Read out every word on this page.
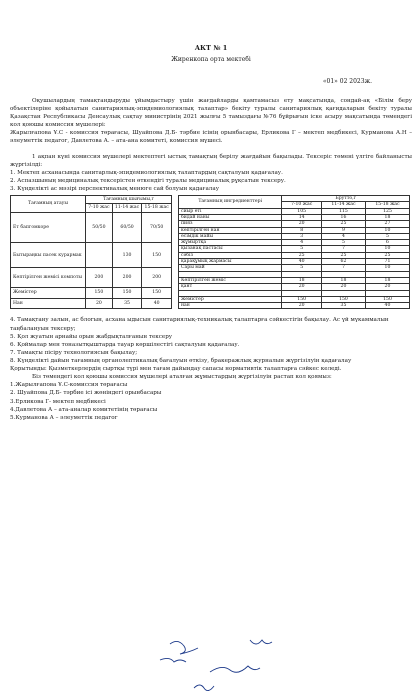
АКТ № 1
Жиренкопа орта мектебі
«01» 02 2023ж.

Оқушылардың тамақтандыруды ұйымдастыру үшін жағдайларды қамтамасыз ету мақсатында, сондай-ақ «Білім беру объектілеріне қойылатын санитариялық-эпидемиологиялық талаптар» бекіту туралы санитариялық қағидаларын бекіту туралы Қазақстан Республикасы Денсаулық сақтау министрінің 2021 жылғы 5 тамыздағы №76 бұйрығын іске асыру мақсатында төмендегі кол қоюшы комиссия мүшелері:

Жарылғапова Ұ.С - комиссия төрағасы, Шуайпова Д.Б- тәрбие ісінің орынбасары, Ерликова Г – мектеп медбикесі, Курманова А.Н – әлеуметтік педагог, Давлетова А. – ата-ана комитеті, комиссия мүшесі.

1 ақпан күні комиссия мүшелері мектептегі ыстық тамақтың берілу жағдайын бақылады. Тексеріс төмені үлгіге байланысты жүргізілді:

1. Мектеп асханасында санитарлық-эпидемиологиялық талаптардың сақталуын қадағалау.

2. Аспазшының медициналық тексерістен өткендігі туралы медициналық рұқсатын тексеру.

3. Күнделікті ас мәзірі перспективалық менюге сай болуын қадағалау

Тағамның атауы	Тағамның шығымы,г		
	7-10 жас	11-14 жас	15-18 жас
Ет бапгомкоре	50/50	60/50	70/50
Бытыраңкы пасек курармак		130	150
Көптірілген жемісі компоты	200	200	200
Жемістер	150	150	150
Нан	20	35	40
Тағамның ингредиенттері	Брутто,г		
	7-10 жас	11-14 жас	15-18 жас
сиыр еті	105	115	125
бидай наны	14	16	18
пияз	20	25	27
көптірілген нан	8	9	10
өсімдік майы	3	4	5
жұмыртқа	4	5	6
қызанақ пастасы	5	7	10
сәбіз	25	25	25
қарақұмық жармасы	40	62	71
Сары май	5	7	10

Көптірілген жеміс	18	18	18
қант	20	20	20

жемістер	150	150	150
нан	20	35	40

4. Тамақтану залын, ас блогын, асхана ыдысын санитариялық-техникалық талаптарға сәйкестігін бақылау. Ас үй мүкаммалын таңбалануын тексеру;

5. Қол жуатын арнайы орын жабдықталғанын тексеру

6. Қоймалар мен тоназытқыштарда тауар көршілестігі сақталуын қадағалау.

7. Тамақты пісіру технологиясын бақылау;

8. Күнделікті дайын тағамның органолептикалық бағалуын өткізу, бракеражлық журналын жүргізілуін қадағалау

Қорытынды: Қызметкерлердің сыртқы түрі мен тағам дайындау сапасы нормативтік талаптарға сәйкес келеді.

Біз төмендегі кол қоюшы комиссия мүшелері аталған жұмыстардың жүргізілуін растап кол қоямыз:

1.Жарылғапова Ұ.С-комиссия төрағасы

2. Шуайпова Д.Б- тәрбие ісі жөніндегі орынбасары

3.Ерликова Г- мектеп медбикесі

4.Давлетова А – ата-аналар комитетінің төрағасы

5.Курманова А – әлеуметтік педагог
